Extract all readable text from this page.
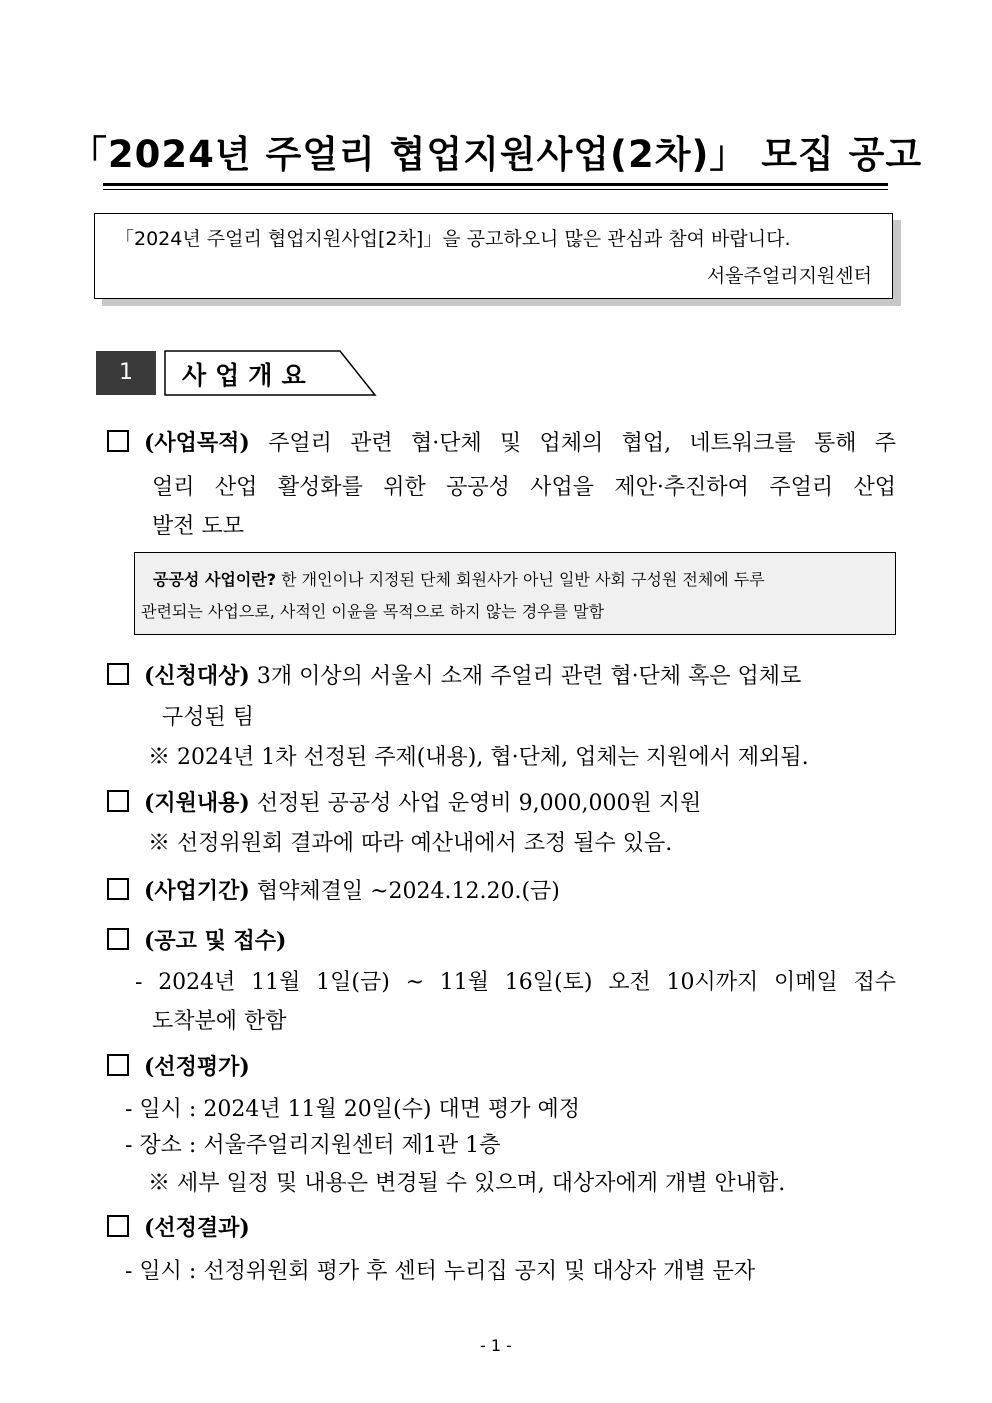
「2024년 주얼리 협업지원사업(2차)」 모집 공고
「2024년 주얼리 협업지원사업[2차]」을 공고하오니 많은 관심과 참여 바랍니다.
서울주얼리지원센터
1	사업개요
(사업목적) 주얼리 관련 협·단체 및 업체의 협업, 네트워크를 통해 주
얼리 산업 활성화를 위한 공공성 사업을 제안·추진하여 주얼리 산업
발전 도모
공공성 사업이란? 한 개인이나 지정된 단체 회원사가 아닌 일반 사회 구성원 전체에 두루
관련되는 사업으로, 사적인 이윤을 목적으로 하지 않는 경우를 말함
(신청대상) 3개 이상의 서울시 소재 주얼리 관련 협·단체 혹은 업체로
구성된 팀
※ 2024년 1차 선정된 주제(내용), 협·단체, 업체는 지원에서 제외됨.
(지원내용) 선정된 공공성 사업 운영비 9,000,000원 지원
※ 선정위원회 결과에 따라 예산내에서 조정 될수 있음.
(사업기간) 협약체결일 ~2024.12.20.(금)
(공고 및 접수)
- 2024년 11월 1일(금) ~ 11월 16일(토) 오전 10시까지 이메일 접수
도착분에 한함
(선정평가)
- 일시 : 2024년 11월 20일(수) 대면 평가 예정
- 장소 : 서울주얼리지원센터 제1관 1층
※ 세부 일정 및 내용은 변경될 수 있으며, 대상자에게 개별 안내함.
(선정결과)
- 일시 : 선정위원회 평가 후 센터 누리집 공지 및 대상자 개별 문자
- 1 -
